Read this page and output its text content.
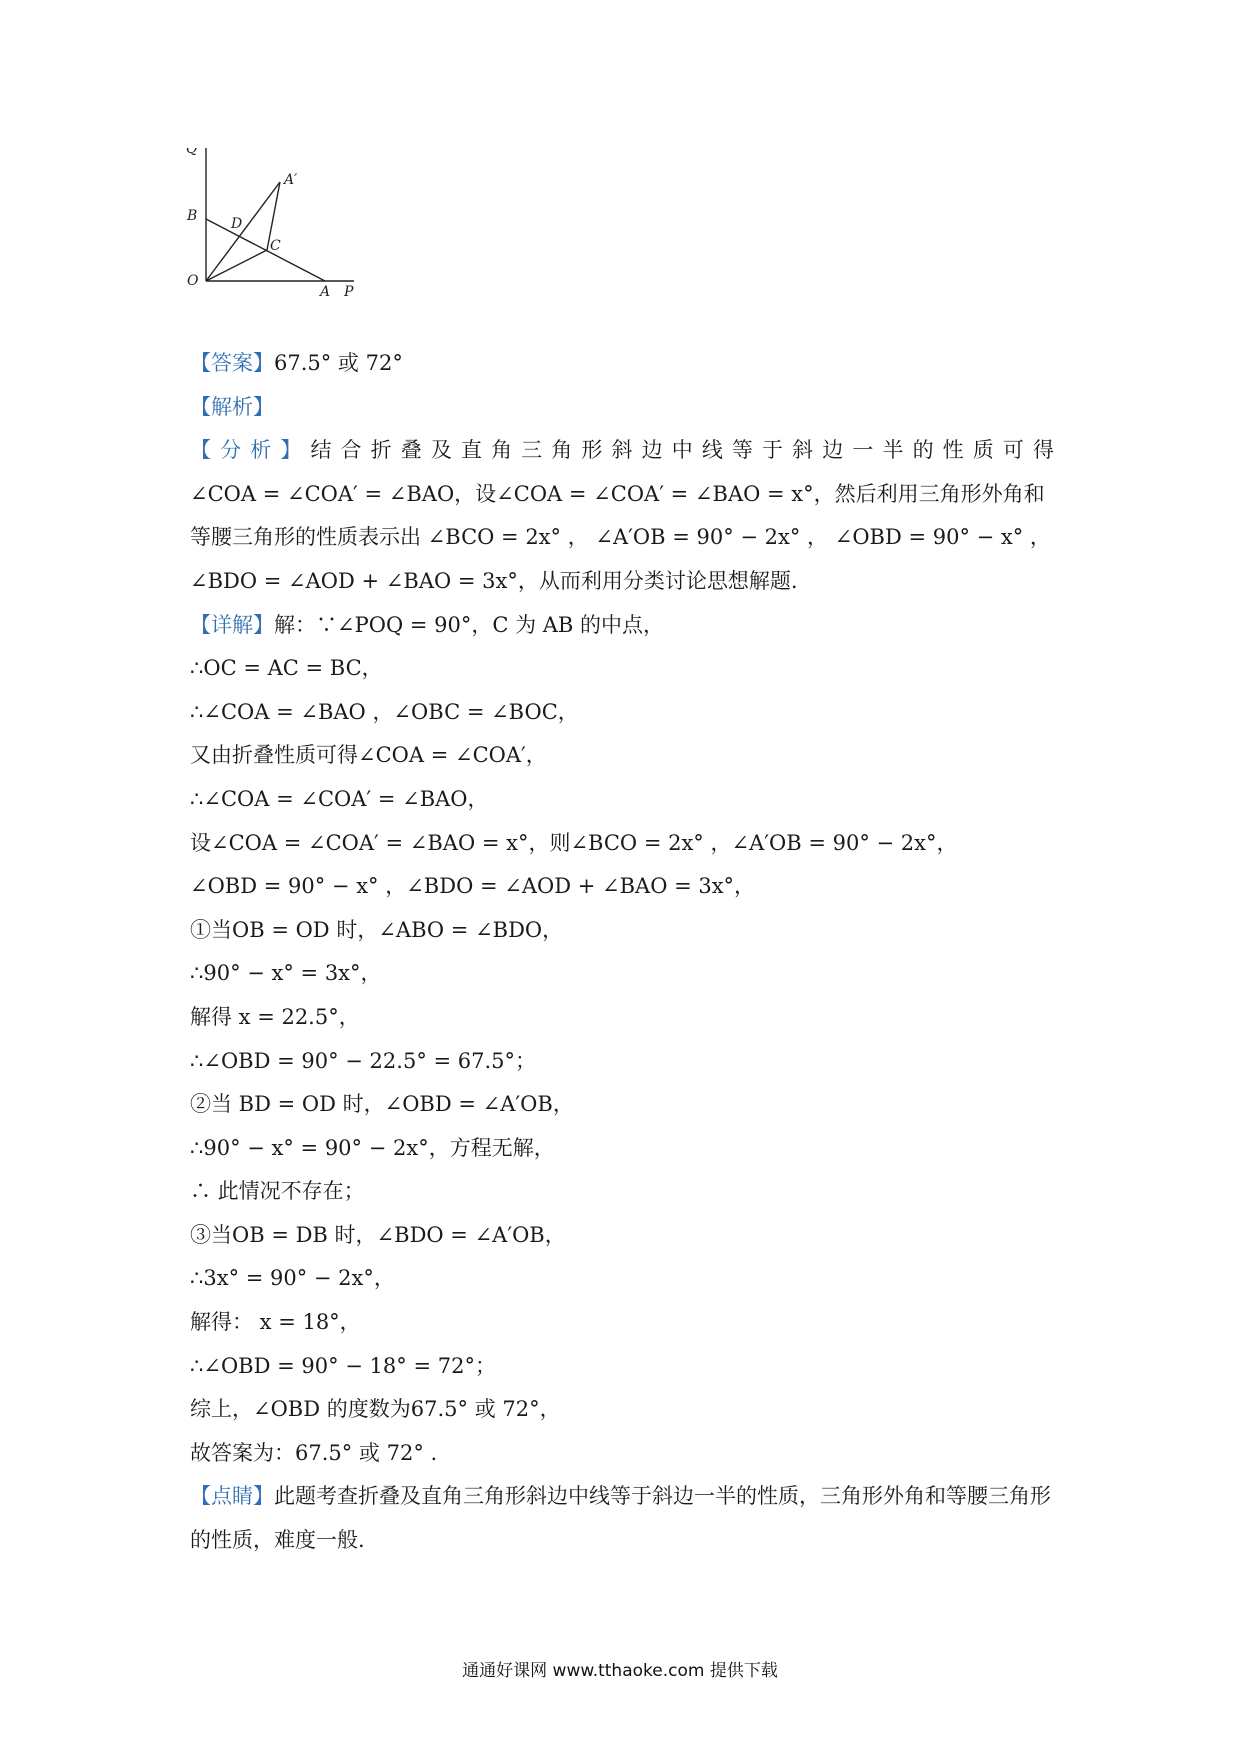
Q
A′
B D
C
O
A P
【答案】67.5° 或 72°
【解析】
【分析】结合折叠及直角三角形斜边中线等于斜边一半的性质可得
∠COA = ∠COA′ = ∠BAO，设∠COA = ∠COA′ = ∠BAO = x°，然后利用三角形外角和
等腰三角形的性质表示出 ∠BCO = 2x° ， ∠A′OB = 90° − 2x° ， ∠OBD = 90° − x° ，
∠BDO = ∠AOD + ∠BAO = 3x°，从而利用分类讨论思想解题.
【详解】解：∵∠POQ = 90°，C 为 AB 的中点，
∴OC = AC = BC，
∴∠COA = ∠BAO ，∠OBC = ∠BOC，
又由折叠性质可得∠COA = ∠COA′，
∴∠COA = ∠COA′ = ∠BAO，
设∠COA = ∠COA′ = ∠BAO = x°，则∠BCO = 2x° ，∠A′OB = 90° − 2x°，
∠OBD = 90° − x° ，∠BDO = ∠AOD + ∠BAO = 3x°，
①当OB = OD 时，∠ABO = ∠BDO，
∴90° − x° = 3x°，
解得 x = 22.5°，
∴∠OBD = 90° − 22.5° = 67.5°；
②当 BD = OD 时，∠OBD = ∠A′OB，
∴90° − x° = 90° − 2x°，方程无解，
∴ 此情况不存在；
③当OB = DB 时，∠BDO = ∠A′OB，
∴3x° = 90° − 2x°，
解得： x = 18°，
∴∠OBD = 90° − 18° = 72°；
综上，∠OBD 的度数为67.5° 或 72°，
故答案为：67.5° 或 72° .
【点睛】此题考查折叠及直角三角形斜边中线等于斜边一半的性质，三角形外角和等腰三角形的性质，难度一般.
通通好课网 www.tthaoke.com 提供下载
